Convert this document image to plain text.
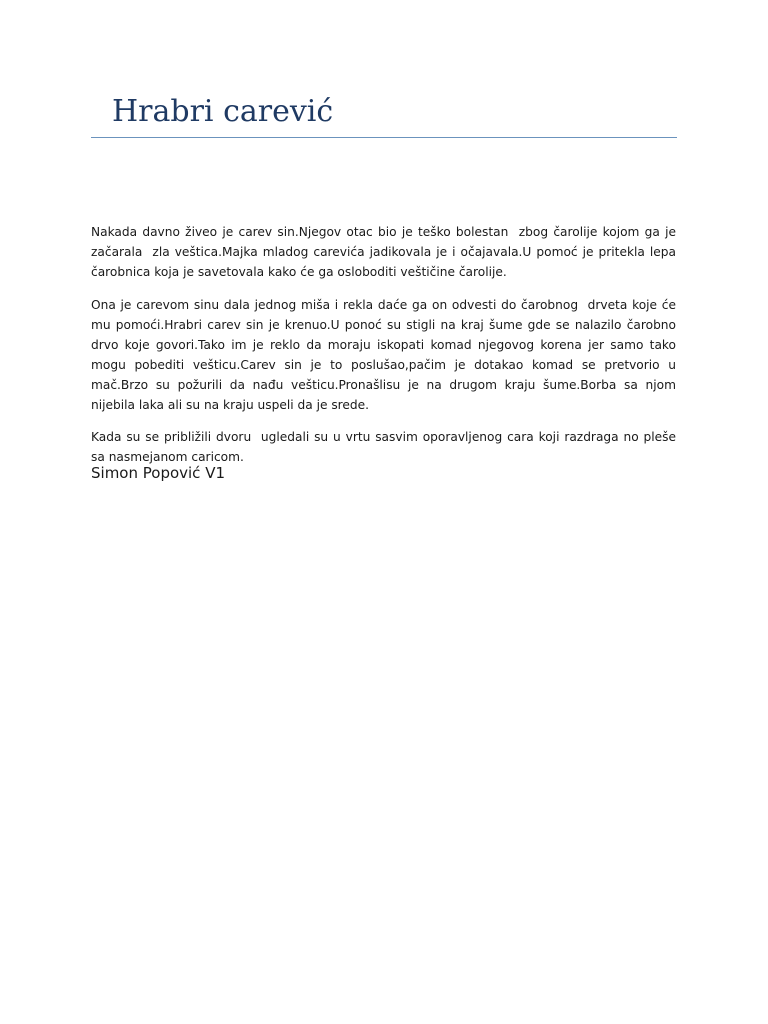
Hrabri carević

Nakada davno živeo je carev sin.Njegov otac bio je teško bolestan  zbog čarolije kojom ga je začarala  zla veštica.Majka mladog carevića jadikovala je i očajavala.U pomoć je pritekla lepa čarobnica koja je savetovala kako će ga osloboditi veštičine čarolije.

Ona je carevom sinu dala jednog miša i rekla daće ga on odvesti do čarobnog  drveta koje će mu pomoći.Hrabri carev sin je krenuo.U ponoć su stigli na kraj šume gde se nalazilo čarobno drvo koje govori.Tako im je reklo da moraju iskopati komad njegovog korena jer samo tako mogu pobediti vešticu.Carev sin je to poslušao,pačim je dotakao komad se pretvorio u mač.Brzo su požurili da nađu vešticu.Pronašlisu je na drugom kraju šume.Borba sa njom nijebila laka ali su na kraju uspeli da je srede.

Kada su se približili dvoru  ugledali su u vrtu sasvim oporavljenog cara koji razdraga no pleše sa nasmejanom caricom.

Simon Popović V1
